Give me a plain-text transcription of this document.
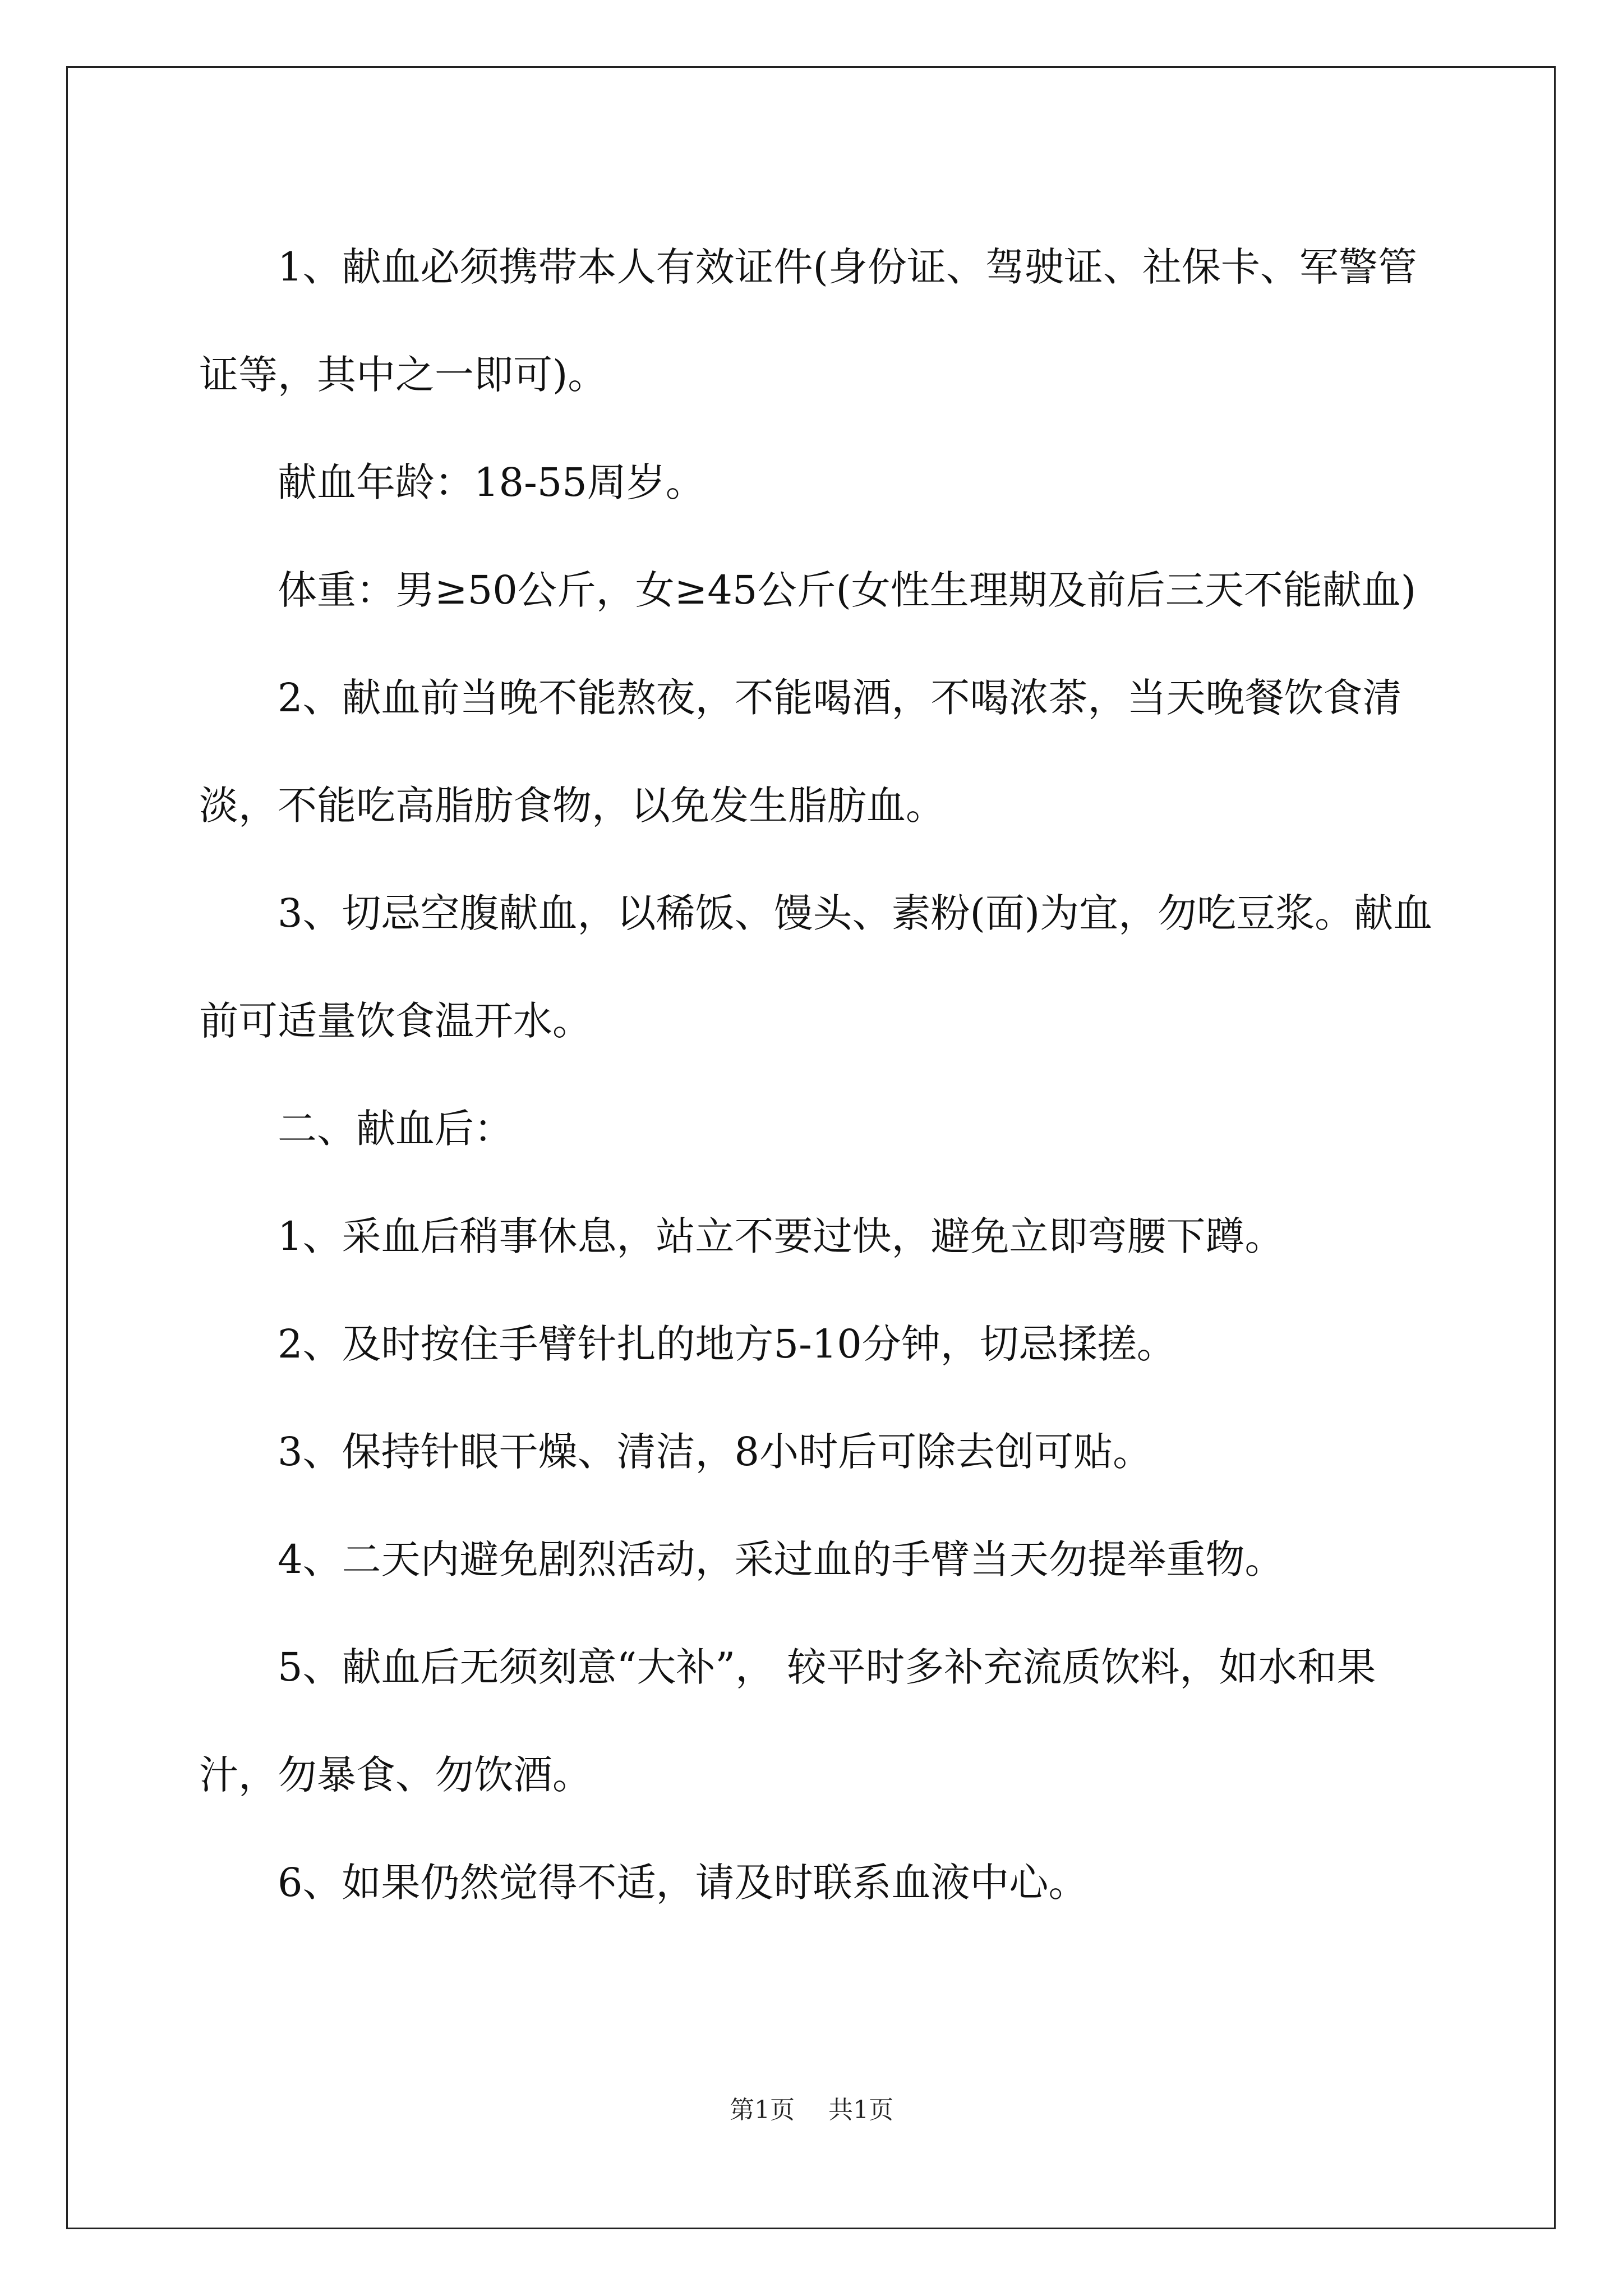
1、献血必须携带本人有效证件(身份证、驾驶证、社保卡、军警管证等，其中之一即可)。

献血年龄：18-55周岁。

体重：男≥50公斤，女≥45公斤(女性生理期及前后三天不能献血)

2、献血前当晚不能熬夜，不能喝酒，不喝浓茶，当天晚餐饮食清淡，不能吃高脂肪食物，以免发生脂肪血。

3、切忌空腹献血，以稀饭、馒头、素粉(面)为宜，勿吃豆浆。献血前可适量饮食温开水。

二、献血后：

1、采血后稍事休息，站立不要过快，避免立即弯腰下蹲。

2、及时按住手臂针扎的地方5-10分钟，切忌揉搓。

3、保持针眼干燥、清洁，8小时后可除去创可贴。

4、二天内避免剧烈活动，采过血的手臂当天勿提举重物。

5、献血后无须刻意“大补”， 较平时多补充流质饮料，如水和果汁，勿暴食、勿饮酒。

6、如果仍然觉得不适，请及时联系血液中心。

第1页 共1页
